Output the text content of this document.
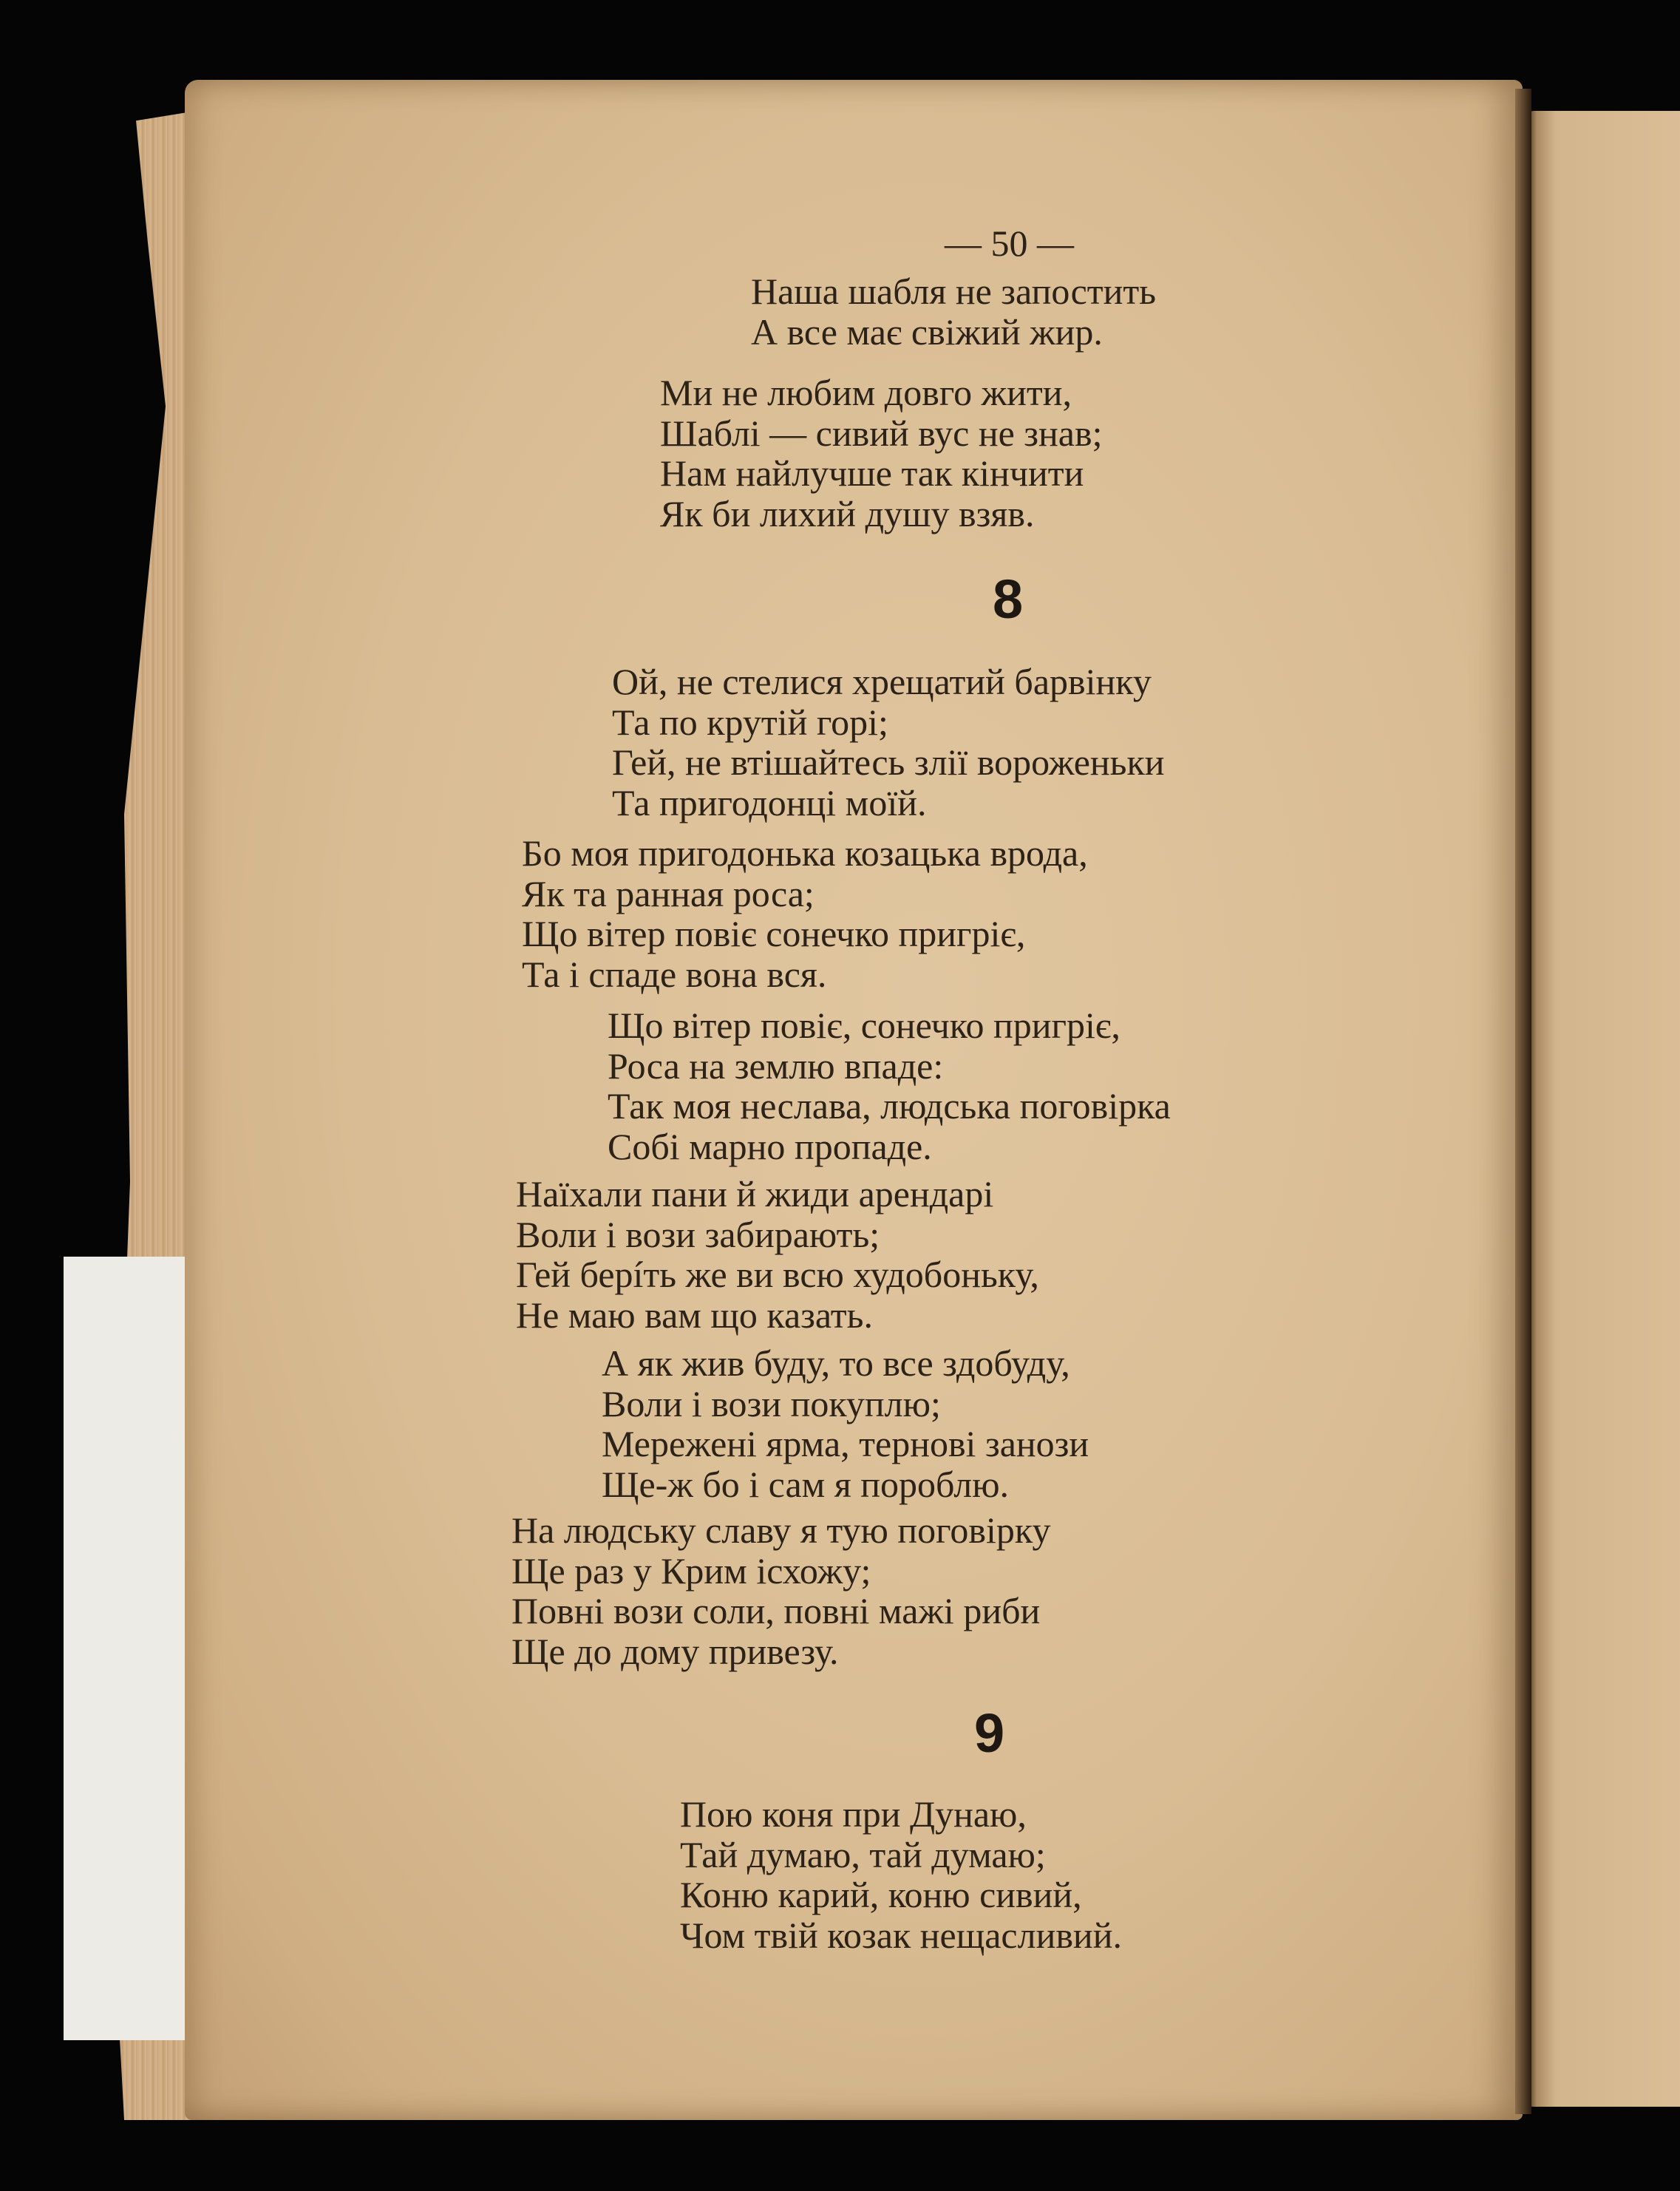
— 50 —
Наша шабля не запостить
А все має свіжий жир.
Ми не любим довго жити,
Шаблі — сивий вус не знав;
Нам найлучше так кінчити
Як би лихий душу взяв.
8
Ой, не стелися хрещатий барвінку
Та по крутій горі;
Гей, не втішайтесь злії вороженьки
Та пригодонці моїй.
Бо моя пригодонька козацька врода,
Як та ранная роса;
Що вітер повіє сонечко пригріє,
Та і спаде вона вся.
Що вітер повіє, сонечко пригріє,
Роса на землю впаде:
Так моя неслава, людська поговірка
Собі марно пропаде.
Наїхали пани й жиди арендарі
Воли і вози забирають;
Гей берíть же ви всю худобоньку,
Не маю вам що казать.
А як жив буду, то все здобуду,
Воли і вози покуплю;
Мережені ярма, тернові занози
Ще-ж бо і сам я пороблю.
На людську славу я тую поговірку
Ще раз у Крим ісхожу;
Повні вози соли, повні мажі риби
Ще до дому привезу.
9
Пою коня при Дунаю,
Тай думаю, тай думаю;
Коню карий, коню сивий,
Чом твій козак нещасливий.
